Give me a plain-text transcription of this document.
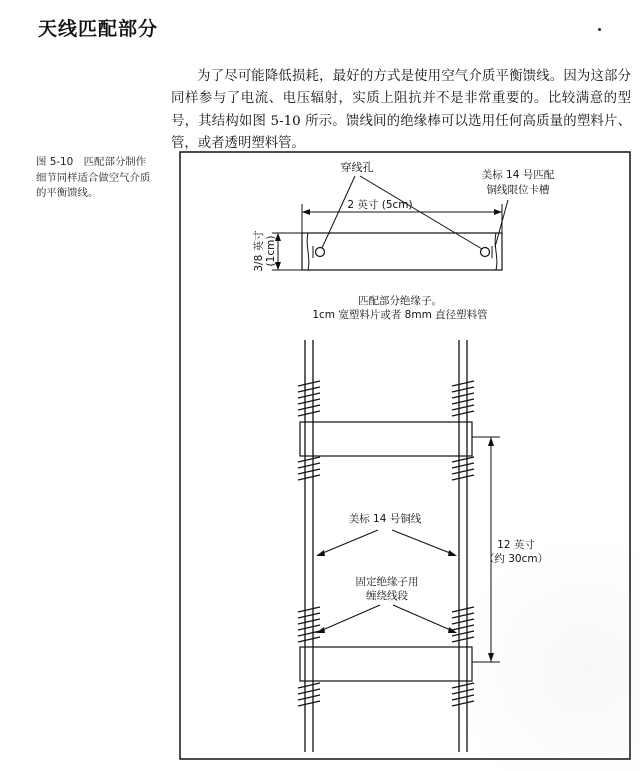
天线匹配部分
为了尽可能降低损耗，最好的方式是使用空气介质平衡馈线。因为这部分同样参与了电流、电压辐射，实质上阻抗并不是非常重要的。比较满意的型号，其结构如图 5-10 所示。馈线间的绝缘棒可以选用任何高质量的塑料片、管，或者透明塑料管。
图 5-10　匹配部分制作细节同样适合做空气介质的平衡馈线。
穿线孔
美标 14 号匹配
铜线限位卡槽
2 英寸 (5cm)
3/8 英寸 (1cm)
匹配部分绝缘子。
1cm 宽塑料片或者 8mm 直径塑料管
美标 14 号铜线
12 英寸
（约 30cm）
固定绝缘子用
缠绕线段
